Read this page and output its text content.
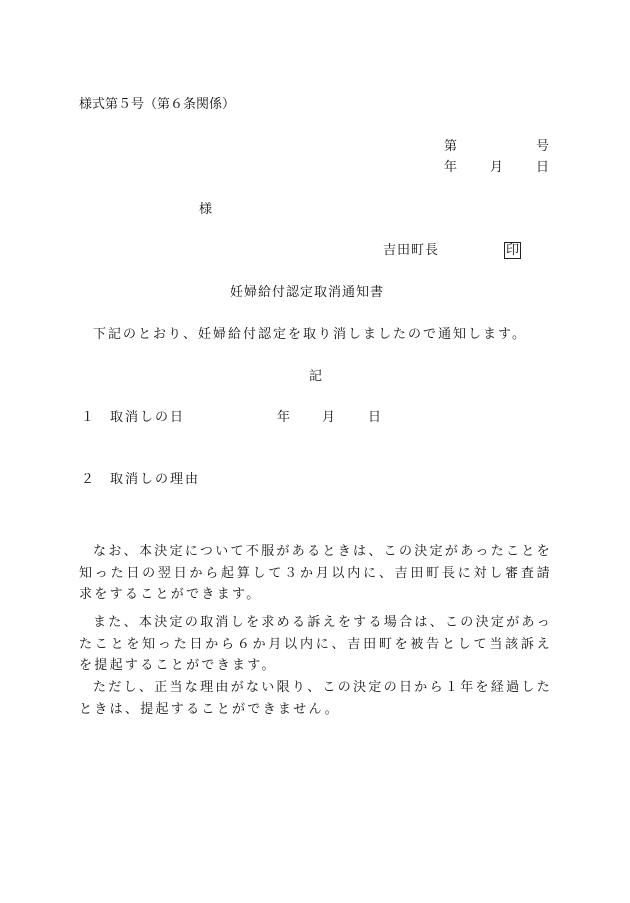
様式第５号（第６条関係）
第	号
年	月	日
様
吉田町長	印
妊婦給付認定取消通知書
下記のとおり、妊婦給付認定を取り消しましたので通知します。
記
１ 取消しの日	年 月	日
２ 取消しの理由
なお、本決定について不服があるときは、この決定があったことを知った日の翌日から起算して３か月以内に、吉田町長に対し審査請求をすることができます。
また、本決定の取消しを求める訴えをする場合は、この決定があったことを知った日から６か月以内に、吉田町を被告として当該訴えを提起することができます。
ただし、正当な理由がない限り、この決定の日から１年を経過したときは、提起することができません。
